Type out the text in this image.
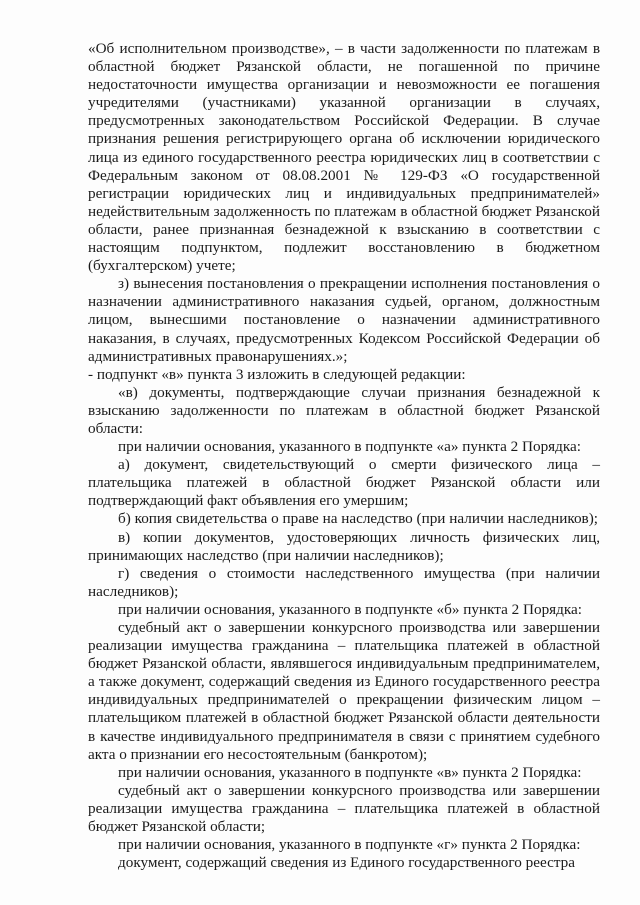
«Об исполнительном производстве», – в части задолженности по платежам в областной бюджет Рязанской области, не погашенной по причине недостаточности имущества организации и невозможности ее погашения учредителями (участниками) указанной организации в случаях, предусмотренных законодательством Российской Федерации. В случае признания решения регистрирующего органа об исключении юридического лица из единого государственного реестра юридических лиц в соответствии с Федеральным законом от 08.08.2001 № 129-ФЗ «О государственной регистрации юридических лиц и индивидуальных предпринимателей» недействительным задолженность по платежам в областной бюджет Рязанской области, ранее признанная безнадежной к взысканию в соответствии с настоящим подпунктом, подлежит восстановлению в бюджетном (бухгалтерском) учете;

з) вынесения постановления о прекращении исполнения постановления о назначении административного наказания судьей, органом, должностным лицом, вынесшими постановление о назначении административного наказания, в случаях, предусмотренных Кодексом Российской Федерации об административных правонарушениях.»;

- подпункт «в» пункта 3 изложить в следующей редакции:

«в) документы, подтверждающие случаи признания безнадежной к взысканию задолженности по платежам в областной бюджет Рязанской области:

при наличии основания, указанного в подпункте «а» пункта 2 Порядка:

а) документ, свидетельствующий о смерти физического лица – плательщика платежей в областной бюджет Рязанской области или подтверждающий факт объявления его умершим;

б) копия свидетельства о праве на наследство (при наличии наследников);

в) копии документов, удостоверяющих личность физических лиц, принимающих наследство (при наличии наследников);

г) сведения о стоимости наследственного имущества (при наличии наследников);

при наличии основания, указанного в подпункте «б» пункта 2 Порядка:

судебный акт о завершении конкурсного производства или завершении реализации имущества гражданина – плательщика платежей в областной бюджет Рязанской области, являвшегося индивидуальным предпринимателем, а также документ, содержащий сведения из Единого государственного реестра индивидуальных предпринимателей о прекращении физическим лицом – плательщиком платежей в областной бюджет Рязанской области деятельности в качестве индивидуального предпринимателя в связи с принятием судебного акта о признании его несостоятельным (банкротом);

при наличии основания, указанного в подпункте «в» пункта 2 Порядка:

судебный акт о завершении конкурсного производства или завершении реализации имущества гражданина – плательщика платежей в областной бюджет Рязанской области;

при наличии основания, указанного в подпункте «г» пункта 2 Порядка:

документ, содержащий сведения из Единого государственного реестра
